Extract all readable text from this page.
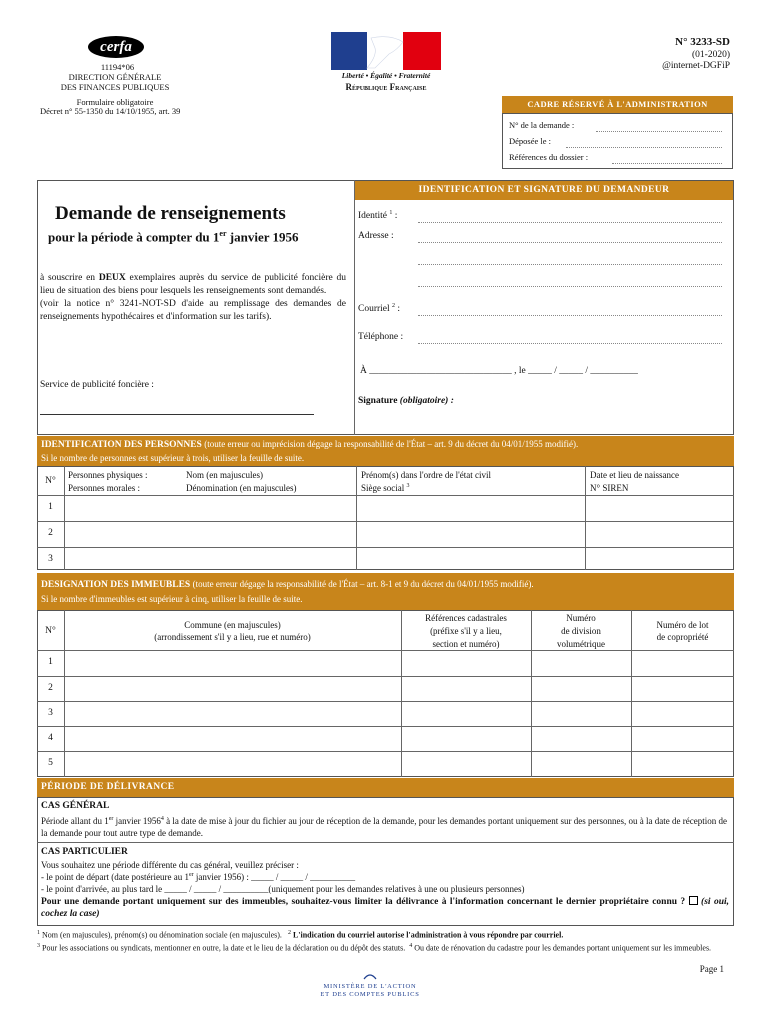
cerfa
11194*06
DIRECTION GÉNÉRALE
DES FINANCES PUBLIQUES
Formulaire obligatoire
Décret n° 55-1350 du 14/10/1955, art. 39
Liberté • Égalité • Fraternité
République Française
N° 3233-SD
(01-2020)
@internet-DGFiP
CADRE RÉSERVÉ À L'ADMINISTRATION
N° de la demande :
Déposée le :
Références du dossier :
Demande de renseignements
pour la période à compter du 1er janvier 1956
à souscrire en DEUX exemplaires auprès du service de publicité foncière du lieu de situation des biens pour lesquels les renseignements sont demandés.
(voir la notice n° 3241-NOT-SD d'aide au remplissage des demandes de renseignements hypothécaires et d'information sur les tarifs).
Service de publicité foncière :
IDENTIFICATION ET SIGNATURE DU DEMANDEUR
Identité $^1$ :
Adresse :
Courriel $^2$ :
Téléphone :
À ______________________________ , le _____ / _____ / __________
Signature (obligatoire) :
IDENTIFICATION DES PERSONNES (toute erreur ou imprécision dégage la responsabilité de l'État – art. 9 du décret du 04/01/1955 modifié).
Si le nombre de personnes est supérieur à trois, utiliser la feuille de suite.
N°
Personnes physiques :
Personnes morales :
Nom (en majuscules)
Dénomination (en majuscules)
Prénom(s) dans l'ordre de l'état civil
Siège social $^3$
Date et lieu de naissance
N° SIREN
1
2
3
DESIGNATION DES IMMEUBLES (toute erreur dégage la responsabilité de l'État – art. 8-1 et 9 du décret du 04/01/1955 modifié).
Si le nombre d'immeubles est supérieur à cinq, utiliser la feuille de suite.
N°
Commune (en majuscules)
(arrondissement s'il y a lieu, rue et numéro)
Références cadastrales
(préfixe s'il y a lieu,
section et numéro)
Numéro
de division
volumétrique
Numéro de lot
de copropriété
1
2
3
4
5
PÉRIODE DE DÉLIVRANCE
CAS GÉNÉRAL
Période allant du 1er janvier 1956$^4$ à la date de mise à jour du fichier au jour de réception de la demande, pour les demandes portant uniquement sur des personnes, ou à la date de réception de la demande pour tout autre type de demande.
CAS PARTICULIER
Vous souhaitez une période différente du cas général, veuillez préciser :
- le point de départ (date postérieure au 1er janvier 1956) : _____ / _____ / __________
- le point d'arrivée, au plus tard le _____ / _____ / __________(uniquement pour les demandes relatives à une ou plusieurs personnes)
Pour une demande portant uniquement sur des immeubles, souhaitez-vous limiter la délivrance à l'information concernant le dernier propriétaire connu ? (si oui, cochez la case)
$^1$ Nom (en majuscules), prénom(s) ou dénomination sociale (en majuscules). $^2$ L'indication du courriel autorise l'administration à vous répondre par courriel.
$^3$ Pour les associations ou syndicats, mentionner en outre, la date et le lieu de la déclaration ou du dépôt des statuts. $^4$ Ou date de rénovation du cadastre pour les demandes portant uniquement sur les immeubles.
Page 1
MINISTÈRE DE L'ACTION
ET DES COMPTES PUBLICS
